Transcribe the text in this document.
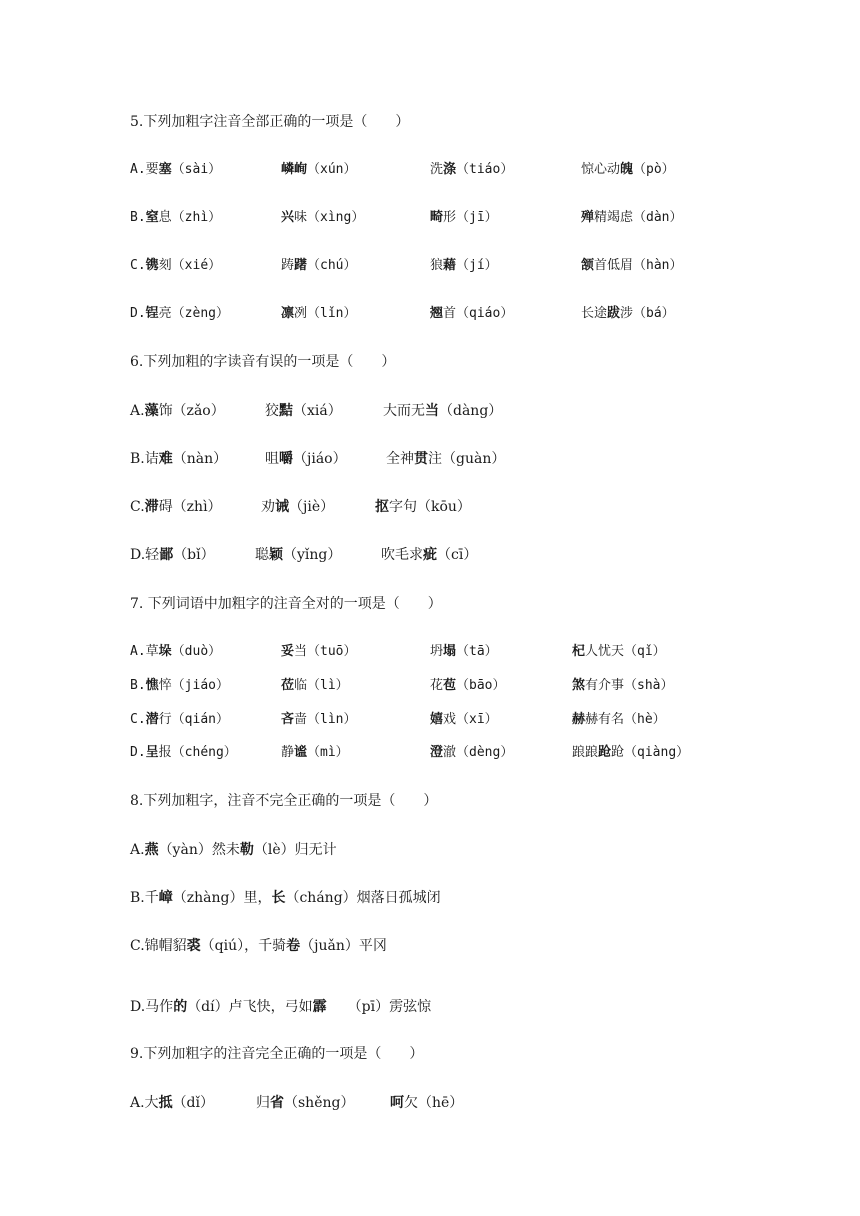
5.下列加粗字注音全部正确的一项是（　　）
A.要塞（sài）	嶙峋（xún）	洗涤（tiáo）	惊心动魄（pò）
B.窒息（zhì）	兴味（xìng）	畸形（jī）	殚精竭虑（dàn）
C.镌刻（xié）	踌躇（chú）	狼藉（jí）	颔首低眉（hàn）
D.锃亮（zèng）	凛冽（lǐn）	翘首（qiáo）	长途跋涉（bá）
6.下列加粗的字读音有误的一项是（　　）
A.藻饰（zǎo）	狡黠（xiá）	大而无当（dàng）
B.诘难（nàn）	咀嚼（jiáo）	全神贯注（guàn）
C.滞碍（zhì）	劝诫（jiè）	抠字句（kōu）
D.轻鄙（bǐ）	聪颖（yǐng）	吹毛求疵（cī）
7. 下列词语中加粗字的注音全对的一项是（　　）
A.草垛（duò）	妥当（tuō）	坍塌（tā）	杞人忧天（qǐ）
B.憔悴（jiáo）	莅临（lì）	花苞（bāo）	煞有介事（shà）
C.潜行（qián）	吝啬（lìn）	嬉戏（xī）	赫赫有名（hè）
D.呈报（chéng）	静谧（mì）	澄澈（dèng）	踉踉跄跄（qiàng）
8.下列加粗字，注音不完全正确的一项是（　　）
A.燕（yàn）然未勒（lè）归无计
B.千嶂（zhàng）里，长（cháng）烟落日孤城闭
C.锦帽貂裘（qiú），千骑卷（juǎn）平冈
D.马作的（dí）卢飞快，弓如霹　　（pī）雳弦惊
9.下列加粗字的注音完全正确的一项是（　　）
A.大抵（dǐ）	归省（shěng）	呵欠（hē）
